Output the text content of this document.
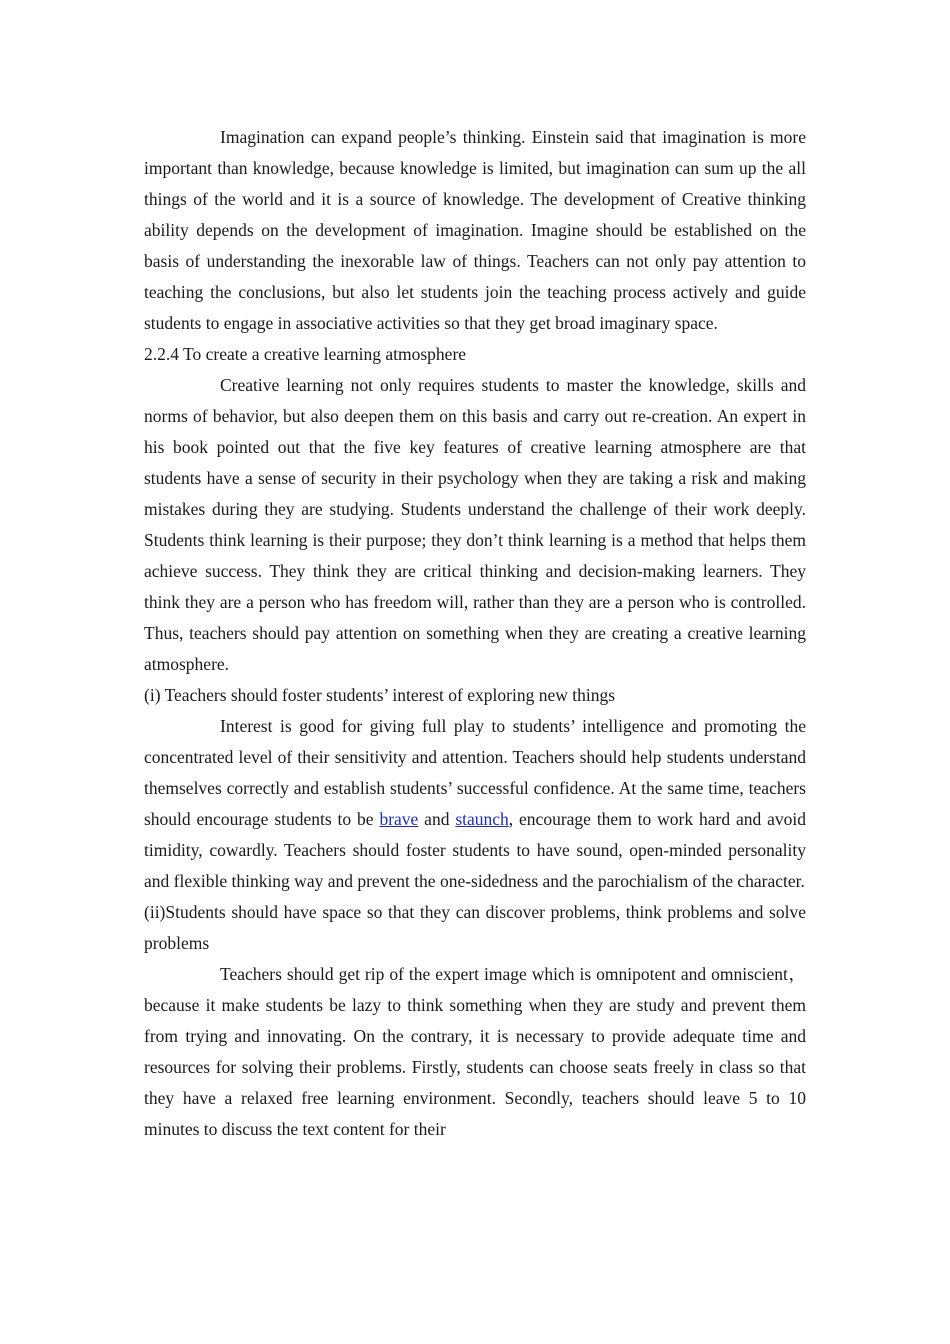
Imagination can expand people’s thinking. Einstein said that imagination is more important than knowledge, because knowledge is limited, but imagination can sum up the all things of the world and it is a source of knowledge. The development of Creative thinking ability depends on the development of imagination. Imagine should be established on the basis of understanding the inexorable law of things. Teachers can not only pay attention to teaching the conclusions, but also let students join the teaching process actively and guide students to engage in associative activities so that they get broad imaginary space.

2.2.4 To create a creative learning atmosphere

Creative learning not only requires students to master the knowledge, skills and norms of behavior, but also deepen them on this basis and carry out re-creation. An expert in his book pointed out that the five key features of creative learning atmosphere are that students have a sense of security in their psychology when they are taking a risk and making mistakes during they are studying. Students understand the challenge of their work deeply. Students think learning is their purpose; they don’t think learning is a method that helps them achieve success. They think they are critical thinking and decision-making learners. They think they are a person who has freedom will, rather than they are a person who is controlled. Thus, teachers should pay attention on something when they are creating a creative learning atmosphere.

(i) Teachers should foster students’ interest of exploring new things

Interest is good for giving full play to students’ intelligence and promoting the concentrated level of their sensitivity and attention. Teachers should help students understand themselves correctly and establish students’ successful confidence. At the same time, teachers should encourage students to be brave and staunch, encourage them to work hard and avoid timidity, cowardly. Teachers should foster students to have sound, open-minded personality and flexible thinking way and prevent the one-sidedness and the parochialism of the character.

(ii)Students should have space so that they can discover problems, think problems and solve problems

Teachers should get rip of the expert image which is omnipotent and omniscient，because it make students be lazy to think something when they are study and prevent them from trying and innovating. On the contrary, it is necessary to provide adequate time and resources for solving their problems. Firstly, students can choose seats freely in class so that they have a relaxed free learning environment. Secondly, teachers should leave 5 to 10 minutes to discuss the text content for their
